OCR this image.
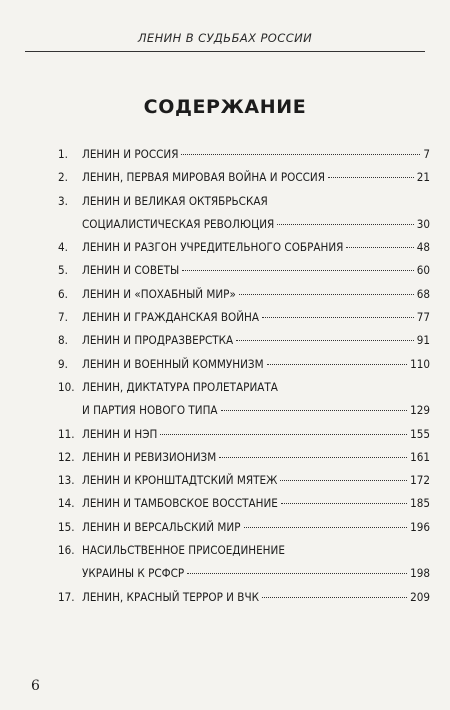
ЛЕНИН В СУДЬБАХ РОССИИ
СОДЕРЖАНИЕ
1.	ЛЕНИН И РОССИЯ	7
2.	ЛЕНИН, ПЕРВАЯ МИРОВАЯ ВОЙНА И РОССИЯ	21
3.	ЛЕНИН И ВЕЛИКАЯ ОКТЯБРЬСКАЯ
СОЦИАЛИСТИЧЕСКАЯ РЕВОЛЮЦИЯ	30
4.	ЛЕНИН И РАЗГОН УЧРЕДИТЕЛЬНОГО СОБРАНИЯ	48
5.	ЛЕНИН И СОВЕТЫ	60
6.	ЛЕНИН И «ПОХАБНЫЙ МИР»	68
7.	ЛЕНИН И ГРАЖДАНСКАЯ ВОЙНА	77
8.	ЛЕНИН И ПРОДРАЗВЕРСТКА	91
9.	ЛЕНИН И ВОЕННЫЙ КОММУНИЗМ	110
10. ЛЕНИН, ДИКТАТУРА ПРОЛЕТАРИАТА
И ПАРТИЯ НОВОГО ТИПА	129
11. ЛЕНИН И НЭП	155
12. ЛЕНИН И РЕВИЗИОНИЗМ	161
13. ЛЕНИН И КРОНШТАДТСКИЙ МЯТЕЖ	172
14. ЛЕНИН И ТАМБОВСКОЕ ВОССТАНИЕ	185
15. ЛЕНИН И ВЕРСАЛЬСКИЙ МИР	196
16. НАСИЛЬСТВЕННОЕ ПРИСОЕДИНЕНИЕ
УКРАИНЫ К РСФСР	198
17. ЛЕНИН, КРАСНЫЙ ТЕРРОР И ВЧК	209
6
